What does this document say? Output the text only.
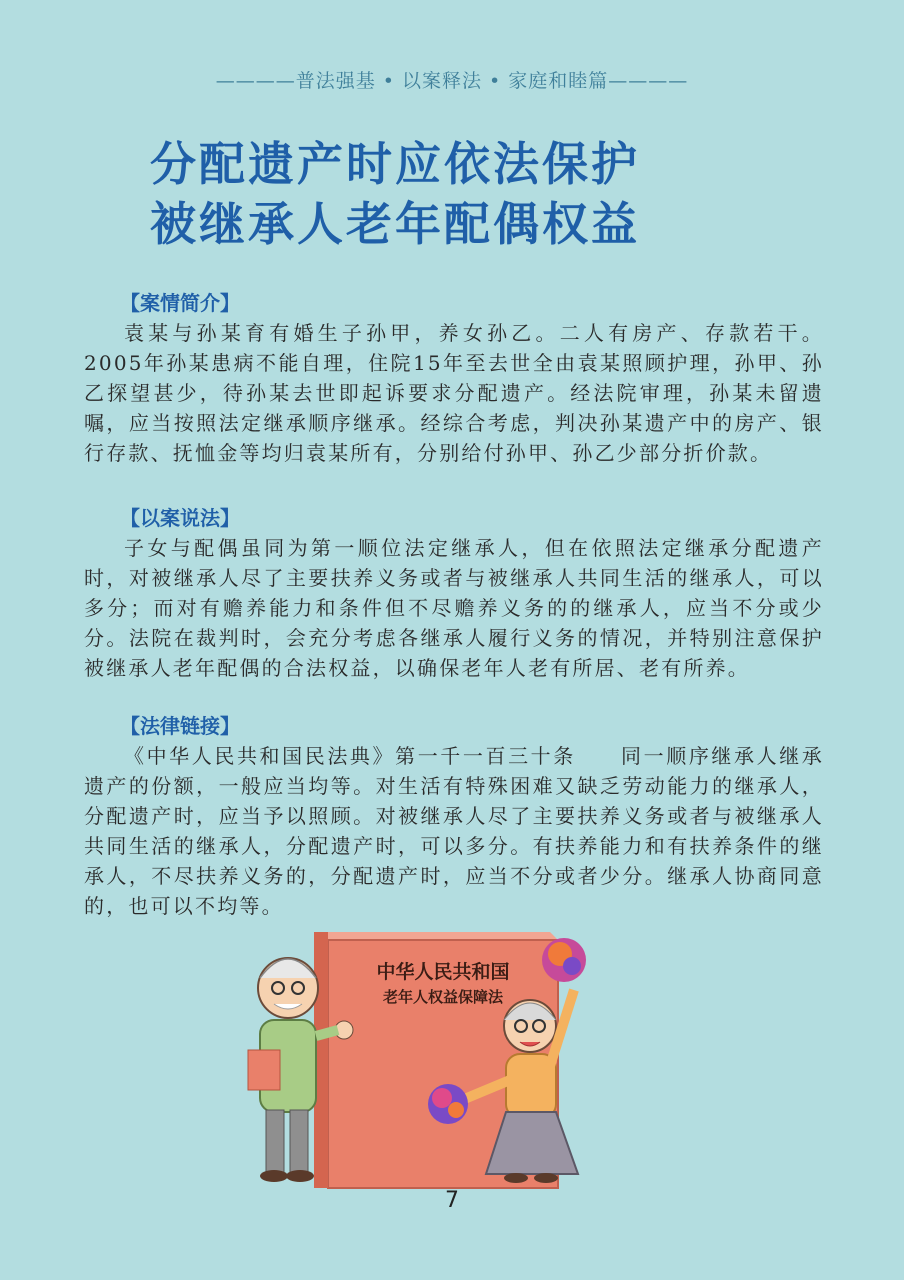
————普法强基 • 以案释法 • 家庭和睦篇————
分配遗产时应依法保护
被继承人老年配偶权益
【案情简介】

袁某与孙某育有婚生子孙甲，养女孙乙。二人有房产、存款若干。2005年孙某患病不能自理，住院15年至去世全由袁某照顾护理，孙甲、孙乙探望甚少，待孙某去世即起诉要求分配遗产。经法院审理，孙某未留遗嘱，应当按照法定继承顺序继承。经综合考虑，判决孙某遗产中的房产、银行存款、抚恤金等均归袁某所有，分别给付孙甲、孙乙少部分折价款。

【以案说法】

子女与配偶虽同为第一顺位法定继承人，但在依照法定继承分配遗产时，对被继承人尽了主要扶养义务或者与被继承人共同生活的继承人，可以多分；而对有赡养能力和条件但不尽赡养义务的的继承人，应当不分或少分。法院在裁判时，会充分考虑各继承人履行义务的情况，并特别注意保护被继承人老年配偶的合法权益，以确保老年人老有所居、老有所养。

【法律链接】

《中华人民共和国民法典》第一千一百三十条　　同一顺序继承人继承遗产的份额，一般应当均等。对生活有特殊困难又缺乏劳动能力的继承人，分配遗产时，应当予以照顾。对被继承人尽了主要扶养义务或者与被继承人共同生活的继承人，分配遗产时，可以多分。有扶养能力和有扶养条件的继承人，不尽扶养义务的，分配遗产时，应当不分或者少分。继承人协商同意的，也可以不均等。

中华人民共和国
老年人权益保障法
7
